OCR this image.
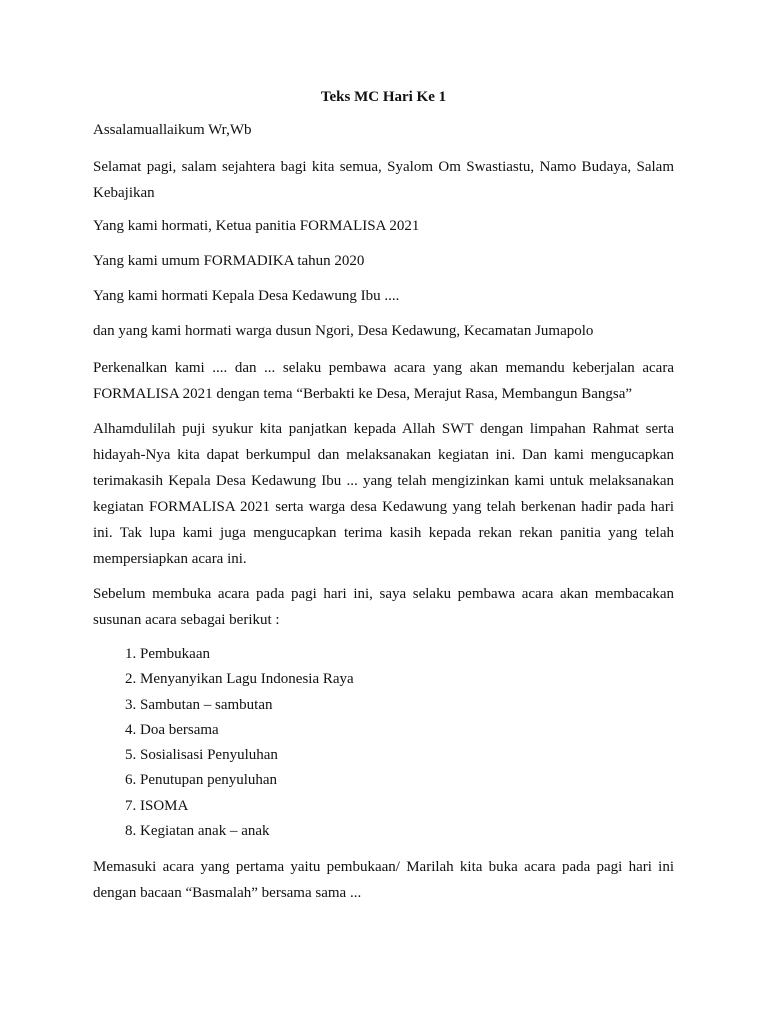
Teks MC Hari Ke 1

Assalamuallaikum Wr,Wb

Selamat pagi, salam sejahtera bagi kita semua, Syalom Om Swastiastu, Namo Budaya, Salam Kebajikan

Yang kami hormati, Ketua panitia FORMALISA 2021

Yang kami umum FORMADIKA tahun 2020

Yang kami hormati Kepala Desa Kedawung Ibu ....

dan yang kami hormati warga dusun Ngori, Desa Kedawung, Kecamatan Jumapolo

Perkenalkan kami .... dan ... selaku pembawa acara yang akan memandu keberjalan acara FORMALISA 2021 dengan tema “Berbakti ke Desa, Merajut Rasa, Membangun Bangsa”

Alhamdulilah puji syukur kita panjatkan kepada Allah SWT dengan limpahan Rahmat serta hidayah-Nya kita dapat berkumpul dan melaksanakan kegiatan ini. Dan kami mengucapkan terimakasih Kepala Desa Kedawung Ibu ... yang telah mengizinkan kami untuk melaksanakan kegiatan FORMALISA 2021 serta warga desa Kedawung yang telah berkenan hadir pada hari ini. Tak lupa kami juga mengucapkan terima kasih kepada rekan rekan panitia yang telah mempersiapkan acara ini.

Sebelum membuka acara pada pagi hari ini, saya selaku pembawa acara akan membacakan susunan acara sebagai berikut :

1. Pembukaan
2. Menyanyikan Lagu Indonesia Raya
3. Sambutan – sambutan
4. Doa bersama
5. Sosialisasi Penyuluhan
6. Penutupan penyuluhan
7. ISOMA
8. Kegiatan anak – anak

Memasuki acara yang pertama yaitu pembukaan/ Marilah kita buka acara pada pagi hari ini dengan bacaan “Basmalah” bersama sama ...
